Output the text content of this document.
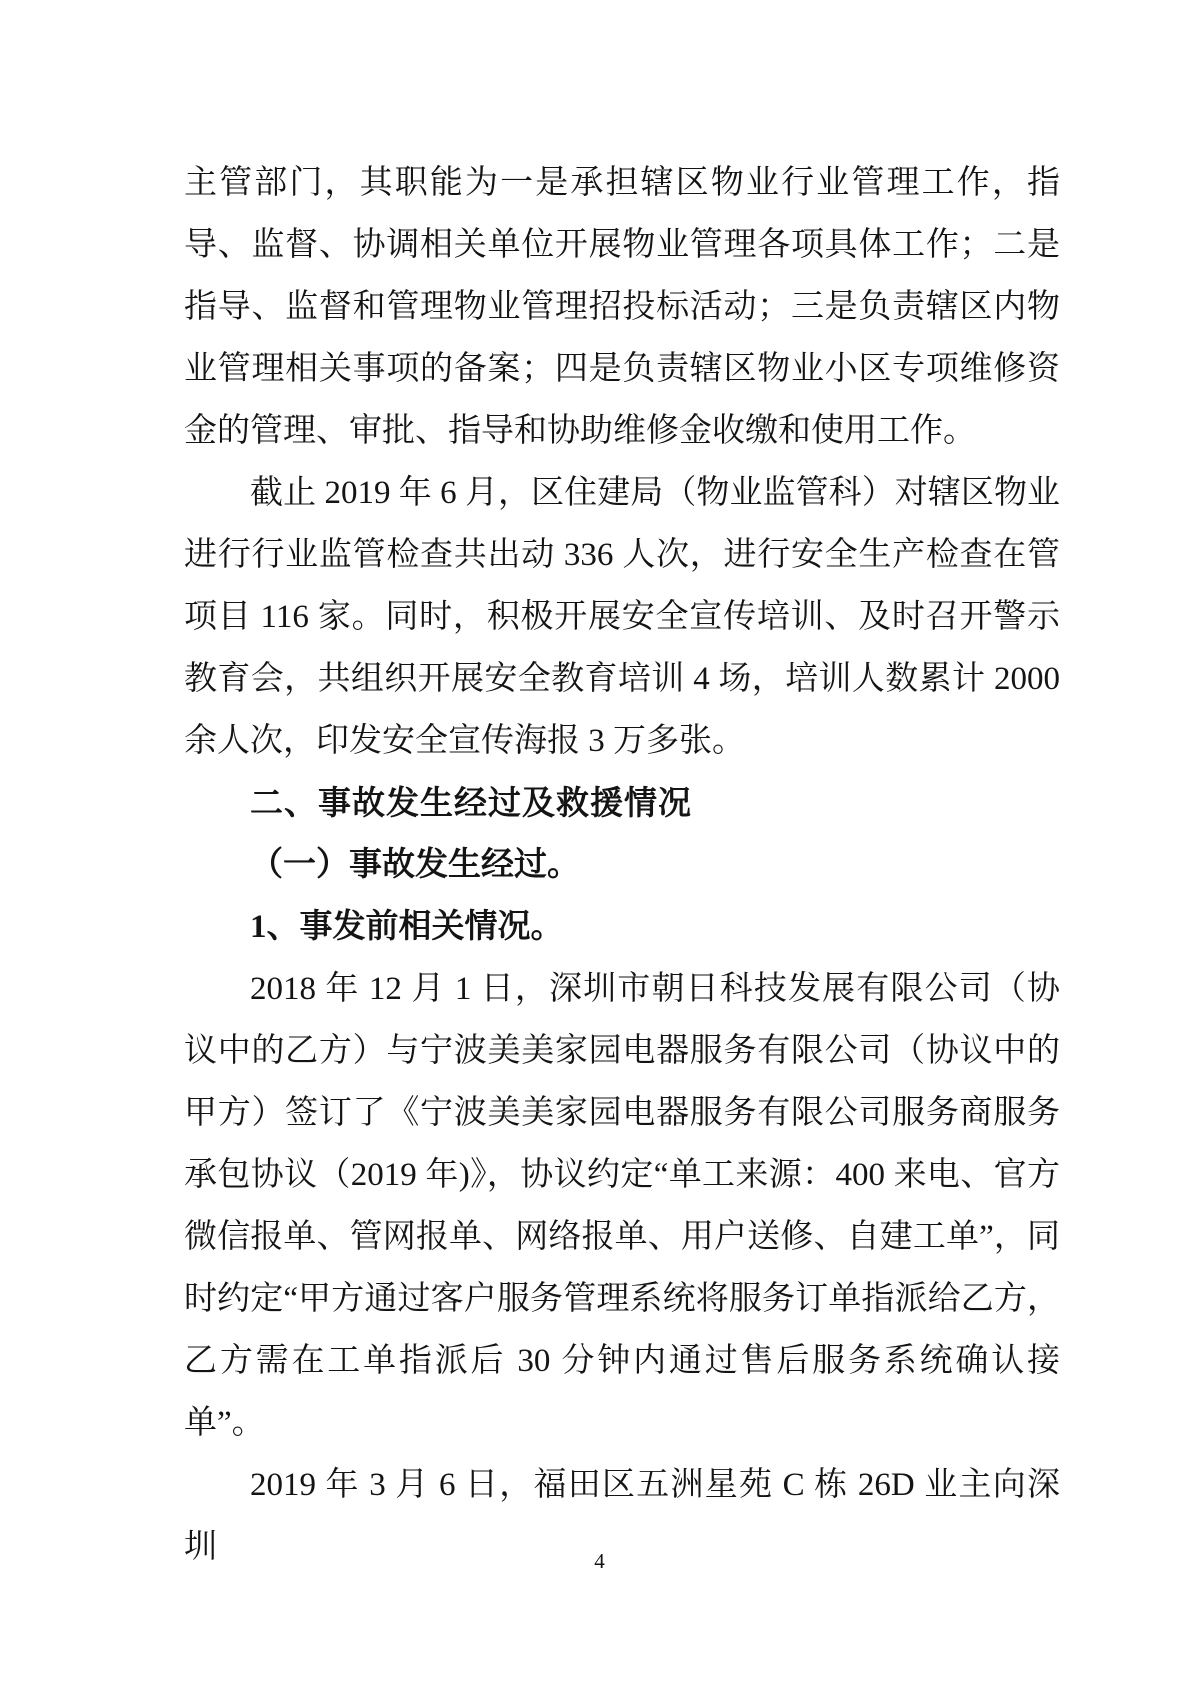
主管部门，其职能为一是承担辖区物业行业管理工作，指导、监督、协调相关单位开展物业管理各项具体工作；二是指导、监督和管理物业管理招投标活动；三是负责辖区内物业管理相关事项的备案；四是负责辖区物业小区专项维修资金的管理、审批、指导和协助维修金收缴和使用工作。

截止 2019 年 6 月，区住建局（物业监管科）对辖区物业进行行业监管检查共出动 336 人次，进行安全生产检查在管项目 116 家。同时，积极开展安全宣传培训、及时召开警示教育会，共组织开展安全教育培训 4 场，培训人数累计 2000 余人次，印发安全宣传海报 3 万多张。

二、事故发生经过及救援情况

（一）事故发生经过。

1、事发前相关情况。

2018 年 12 月 1 日，深圳市朝日科技发展有限公司（协议中的乙方）与宁波美美家园电器服务有限公司（协议中的甲方）签订了《宁波美美家园电器服务有限公司服务商服务承包协议（2019 年)》，协议约定“单工来源：400 来电、官方微信报单、管网报单、网络报单、用户送修、自建工单”，同时约定“甲方通过客户服务管理系统将服务订单指派给乙方，乙方需在工单指派后 30 分钟内通过售后服务系统确认接单”。

2019 年 3 月 6 日，福田区五洲星苑 C 栋 26D 业主向深圳	4
